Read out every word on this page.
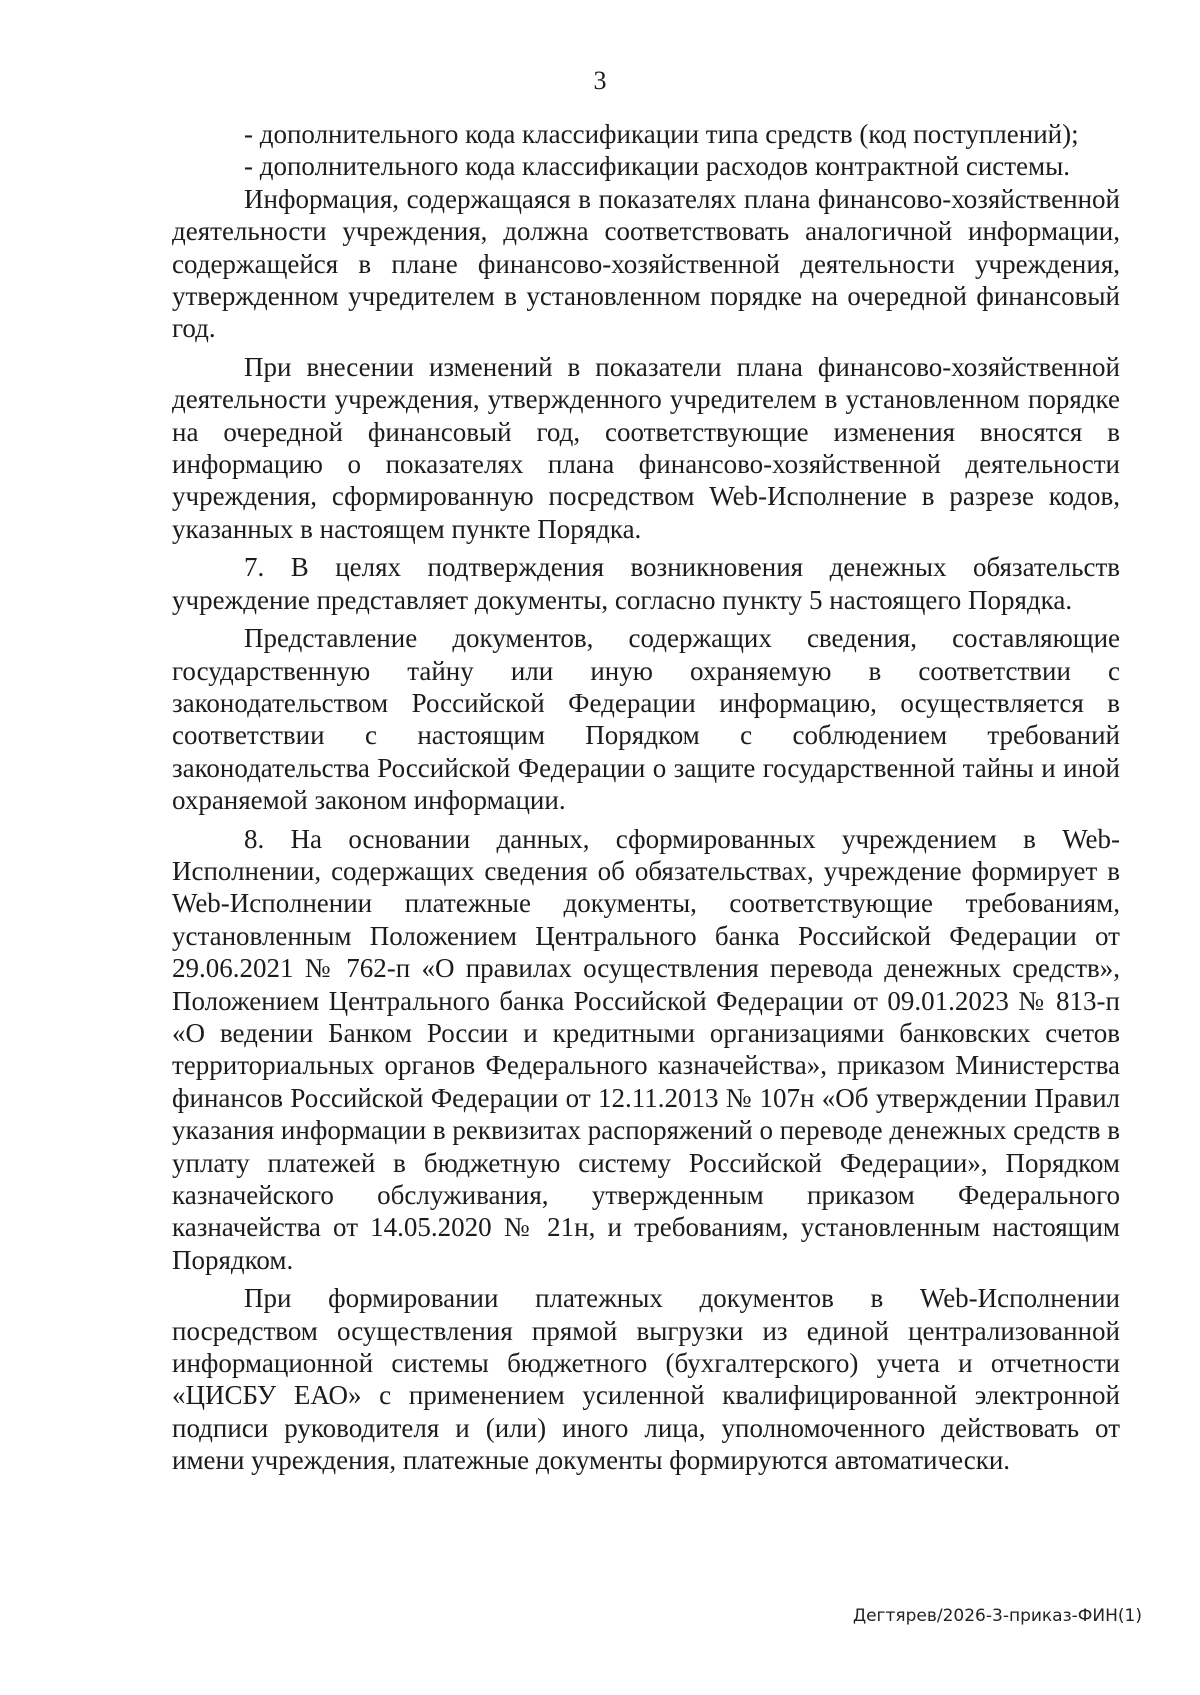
3

- дополнительного кода классификации типа средств (код поступлений);

- дополнительного кода классификации расходов контрактной системы.

Информация, содержащаяся в показателях плана финансово-хозяйственной деятельности учреждения, должна соответствовать аналогичной информации, содержащейся в плане финансово-хозяйственной деятельности учреждения, утвержденном учредителем в установленном порядке на очередной финансовый год.

При внесении изменений в показатели плана финансово-хозяйственной деятельности учреждения, утвержденного учредителем в установленном порядке на очередной финансовый год, соответствующие изменения вносятся в информацию о показателях плана финансово-хозяйственной деятельности учреждения, сформированную посредством Web-Исполнение в разрезе кодов, указанных в настоящем пункте Порядка.

7. В целях подтверждения возникновения денежных обязательств учреждение представляет документы, согласно пункту 5 настоящего Порядка.

Представление документов, содержащих сведения, составляющие государственную тайну или иную охраняемую в соответствии с законодательством Российской Федерации информацию, осуществляется в соответствии с настоящим Порядком с соблюдением требований законодательства Российской Федерации о защите государственной тайны и иной охраняемой законом информации.

8. На основании данных, сформированных учреждением в Web-Исполнении, содержащих сведения об обязательствах, учреждение формирует в Web-Исполнении платежные документы, соответствующие требованиям, установленным Положением Центрального банка Российской Федерации от 29.06.2021 № 762-п «О правилах осуществления перевода денежных средств», Положением Центрального банка Российской Федерации от 09.01.2023 № 813-п «О ведении Банком России и кредитными организациями банковских счетов территориальных органов Федерального казначейства», приказом Министерства финансов Российской Федерации от 12.11.2013 № 107н «Об утверждении Правил указания информации в реквизитах распоряжений о переводе денежных средств в уплату платежей в бюджетную систему Российской Федерации», Порядком казначейского обслуживания, утвержденным приказом Федерального казначейства от 14.05.2020 № 21н, и требованиям, установленным настоящим Порядком.

При формировании платежных документов в Web-Исполнении посредством осуществления прямой выгрузки из единой централизованной информационной системы бюджетного (бухгалтерского) учета и отчетности «ЦИСБУ ЕАО» с применением усиленной квалифицированной электронной подписи руководителя и (или) иного лица, уполномоченного действовать от имени учреждения, платежные документы формируются автоматически.

Дегтярев/2026-3-приказ-ФИН(1)
